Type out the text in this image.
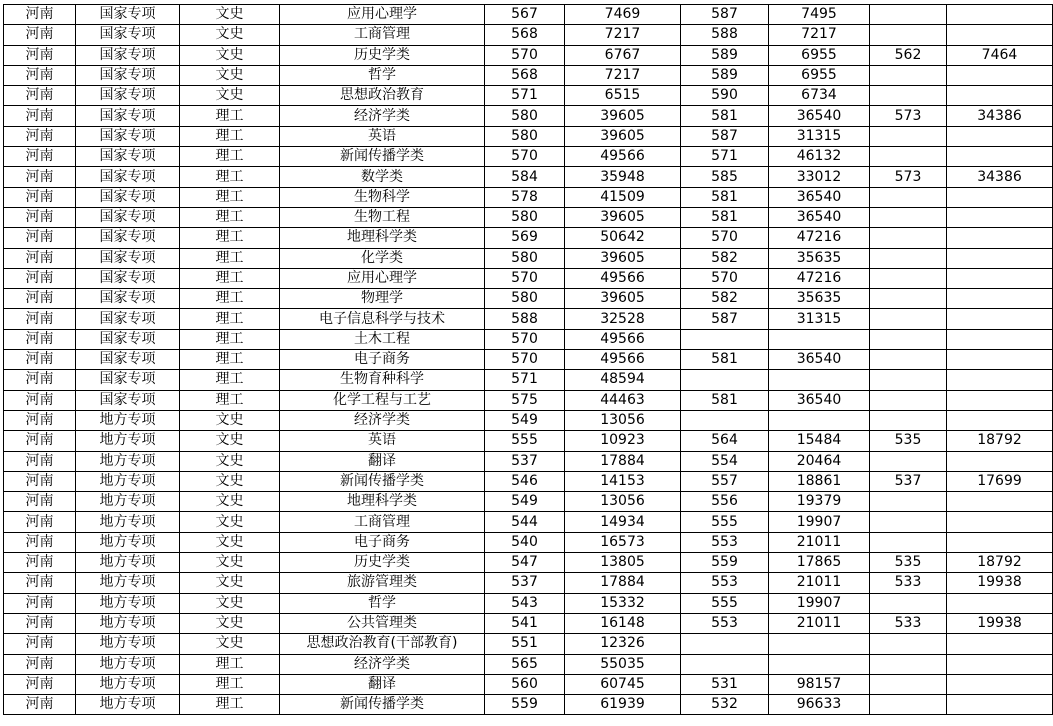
河南	国家专项	文史	应用心理学	567	7469	587	7495		
河南	国家专项	文史	工商管理	568	7217	588	7217		
河南	国家专项	文史	历史学类	570	6767	589	6955	562	7464
河南	国家专项	文史	哲学	568	7217	589	6955		
河南	国家专项	文史	思想政治教育	571	6515	590	6734		
河南	国家专项	理工	经济学类	580	39605	581	36540	573	34386
河南	国家专项	理工	英语	580	39605	587	31315		
河南	国家专项	理工	新闻传播学类	570	49566	571	46132		
河南	国家专项	理工	数学类	584	35948	585	33012	573	34386
河南	国家专项	理工	生物科学	578	41509	581	36540		
河南	国家专项	理工	生物工程	580	39605	581	36540		
河南	国家专项	理工	地理科学类	569	50642	570	47216		
河南	国家专项	理工	化学类	580	39605	582	35635		
河南	国家专项	理工	应用心理学	570	49566	570	47216		
河南	国家专项	理工	物理学	580	39605	582	35635		
河南	国家专项	理工	电子信息科学与技术	588	32528	587	31315		
河南	国家专项	理工	土木工程	570	49566				
河南	国家专项	理工	电子商务	570	49566	581	36540		
河南	国家专项	理工	生物育种科学	571	48594				
河南	国家专项	理工	化学工程与工艺	575	44463	581	36540		
河南	地方专项	文史	经济学类	549	13056				
河南	地方专项	文史	英语	555	10923	564	15484	535	18792
河南	地方专项	文史	翻译	537	17884	554	20464		
河南	地方专项	文史	新闻传播学类	546	14153	557	18861	537	17699
河南	地方专项	文史	地理科学类	549	13056	556	19379		
河南	地方专项	文史	工商管理	544	14934	555	19907		
河南	地方专项	文史	电子商务	540	16573	553	21011		
河南	地方专项	文史	历史学类	547	13805	559	17865	535	18792
河南	地方专项	文史	旅游管理类	537	17884	553	21011	533	19938
河南	地方专项	文史	哲学	543	15332	555	19907		
河南	地方专项	文史	公共管理类	541	16148	553	21011	533	19938
河南	地方专项	文史	思想政治教育(干部教育)	551	12326				
河南	地方专项	理工	经济学类	565	55035				
河南	地方专项	理工	翻译	560	60745	531	98157		
河南	地方专项	理工	新闻传播学类	559	61939	532	96633		
